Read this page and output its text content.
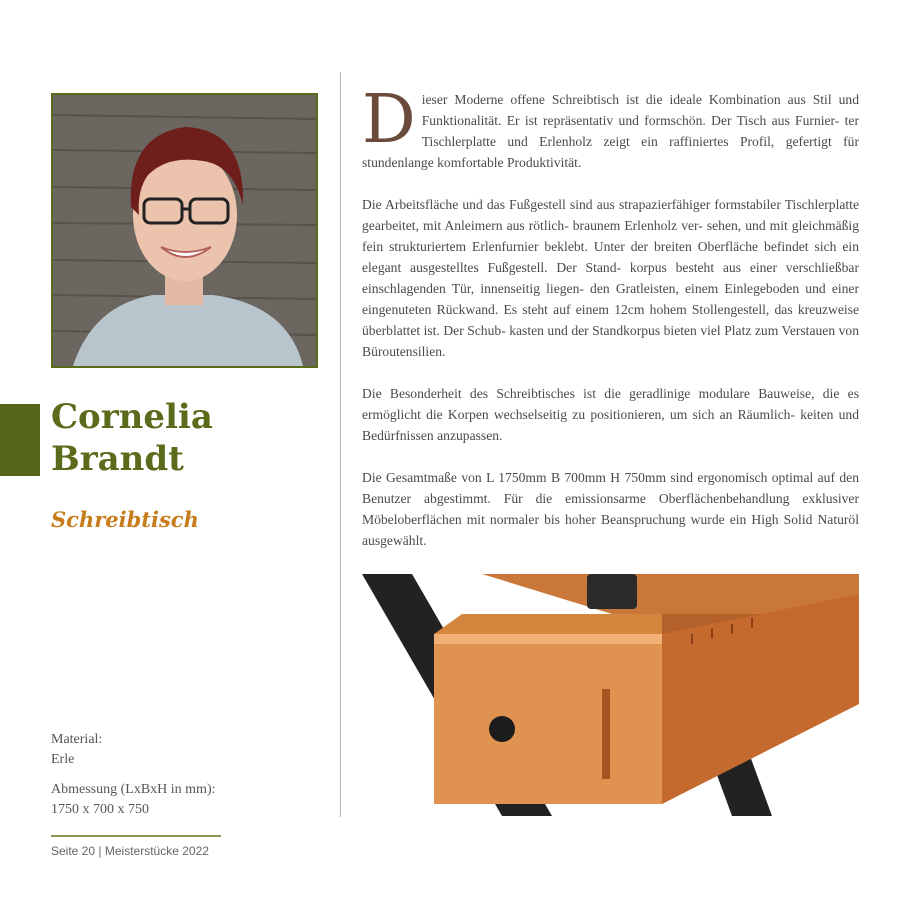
Cornelia
Brandt
Schreibtisch
Material:
Erle
Abmessung (LxBxH in mm):
1750 x 700 x 750
Seite 20 | Meisterstücke 2022

Dieser Moderne offene Schreibtisch ist die ideale Kombination aus Stil und Funktionalität. Er ist repräsentativ und formschön. Der Tisch aus Furnier- ter Tischlerplatte und Erlenholz zeigt ein raffiniertes Profil, gefertigt für stundenlange komfortable Produktivität.

Die Arbeitsfläche und das Fußgestell sind aus strapazierfähiger formstabiler Tischlerplatte gearbeitet, mit Anleimern aus rötlich- braunem Erlenholz ver- sehen, und mit gleichmäßig fein strukturiertem Erlenfurnier beklebt. Unter der breiten Oberfläche befindet sich ein elegant ausgestelltes Fußgestell. Der Stand- korpus besteht aus einer verschließbar einschlagenden Tür, innenseitig liegen- den Gratleisten, einem Einlegeboden und einer eingenuteten Rückwand. Es steht auf einem 12cm hohem Stollengestell, das kreuzweise überblattet ist. Der Schub- kasten und der Standkorpus bieten viel Platz zum Verstauen von Büroutensilien.

Die Besonderheit des Schreibtisches ist die geradlinige modulare Bauweise, die es ermöglicht die Korpen wechselseitig zu positionieren, um sich an Räumlich- keiten und Bedürfnissen anzupassen.

Die Gesamtmaße von L 1750mm B 700mm H 750mm sind ergonomisch optimal auf den Benutzer abgestimmt. Für die emissionsarme Oberflächenbehandlung exklusiver Möbeloberflächen mit normaler bis hoher Beanspruchung wurde ein High Solid Naturöl ausgewählt.
